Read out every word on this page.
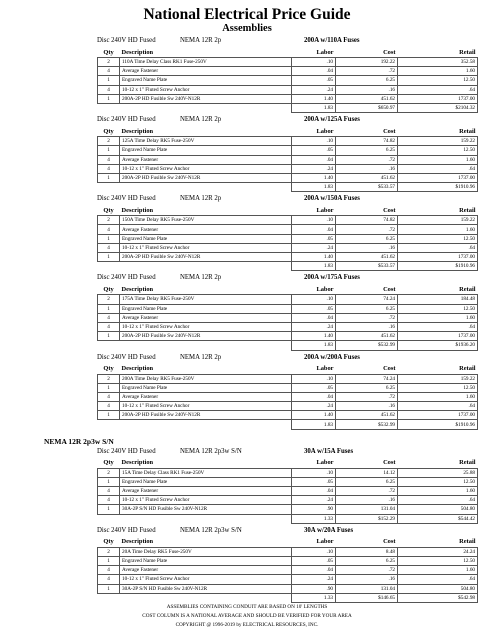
National Electrical Price Guide
Assemblies
Disc 240V HD Fused	NEMA 12R 2p	200A w/110A Fuses
Qty	Description	Labor	Cost	Retail
2	110A Time Delay Class RK1 Fuse-250V	.10	192.22	352.58
4	Average Fastener	.04	.72	1.60
1	Engraved Name Plate	.05	6.25	12.50
4	10-12 x 1" Fluted Screw Anchor	.24	.16	.64
1	200A-2P HD Fusible Sw 240V-N12R	1.40	451.62	1737.00
		1.83	$650.97	$2104.32
Disc 240V HD Fused	NEMA 12R 2p	200A w/125A Fuses
Qty	Description	Labor	Cost	Retail
2	125A Time Delay RK5 Fuse-250V	.10	74.82	159.22
1	Engraved Name Plate	.05	6.25	12.50
4	Average Fastener	.04	.72	1.60
4	10-12 x 1" Fluted Screw Anchor	.24	.16	.64
1	200A-2P HD Fusible Sw 240V-N12R	1.40	451.62	1737.00
		1.83	$533.57	$1910.96
Disc 240V HD Fused	NEMA 12R 2p	200A w/150A Fuses
Qty	Description	Labor	Cost	Retail
2	150A Time Delay RK5 Fuse-250V	.10	74.82	159.22
4	Average Fastener	.04	.72	1.60
1	Engraved Name Plate	.05	6.25	12.50
4	10-12 x 1" Fluted Screw Anchor	.24	.16	.64
1	200A-2P HD Fusible Sw 240V-N12R	1.40	451.62	1737.00
		1.83	$533.57	$1910.96
Disc 240V HD Fused	NEMA 12R 2p	200A w/175A Fuses
Qty	Description	Labor	Cost	Retail
2	175A Time Delay RK5 Fuse-250V	.10	74.24	184.48
1	Engraved Name Plate	.05	6.25	12.50
4	Average Fastener	.04	.72	1.60
4	10-12 x 1" Fluted Screw Anchor	.24	.16	.64
1	200A-2P HD Fusible Sw 240V-N12R	1.40	451.62	1737.00
		1.83	$532.99	$1936.20
Disc 240V HD Fused	NEMA 12R 2p	200A w/200A Fuses
Qty	Description	Labor	Cost	Retail
2	200A Time Delay RK5 Fuse-250V	.10	74.24	159.22
1	Engraved Name Plate	.05	6.25	12.50
4	Average Fastener	.04	.72	1.60
4	10-12 x 1" Fluted Screw Anchor	.24	.16	.64
1	200A-2P HD Fusible Sw 240V-N12R	1.40	451.62	1737.00
		1.83	$532.99	$1910.96
NEMA 12R 2p3w S/N
Disc 240V HD Fused	NEMA 12R 2p3w S/N	30A w/15A Fuses
Qty	Description	Labor	Cost	Retail
2	15A Time Delay Class RK1 Fuse-250V	.10	14.12	25.88
1	Engraved Name Plate	.05	6.25	12.50
4	Average Fastener	.04	.72	1.60
4	10-12 x 1" Fluted Screw Anchor	.24	.16	.64
1	30A-2P S/N HD Fusible Sw 240V-N12R	.90	131.04	504.80
		1.33	$152.29	$544.42
Disc 240V HD Fused	NEMA 12R 2p3w S/N	30A w/20A Fuses
Qty	Description	Labor	Cost	Retail
2	20A Time Delay RK5 Fuse-250V	.10	8.48	24.24
1	Engraved Name Plate	.05	6.25	12.50
4	Average Fastener	.04	.72	1.60
4	10-12 x 1" Fluted Screw Anchor	.24	.16	.64
1	30A-2P S/N HD Fusible Sw 240V-N12R	.90	131.04	504.80
		1.33	$146.65	$542.98
ASSEMBLIES CONTAINING CONDUIT ARE BASED ON 10' LENGTHS
COST COLUMN IS A NATIONAL AVERAGE AND SHOULD BE VERIFIED FOR YOUR AREA
COPYRIGHT @ 1996-2019 by ELECTRICAL RESOURCES, INC.
